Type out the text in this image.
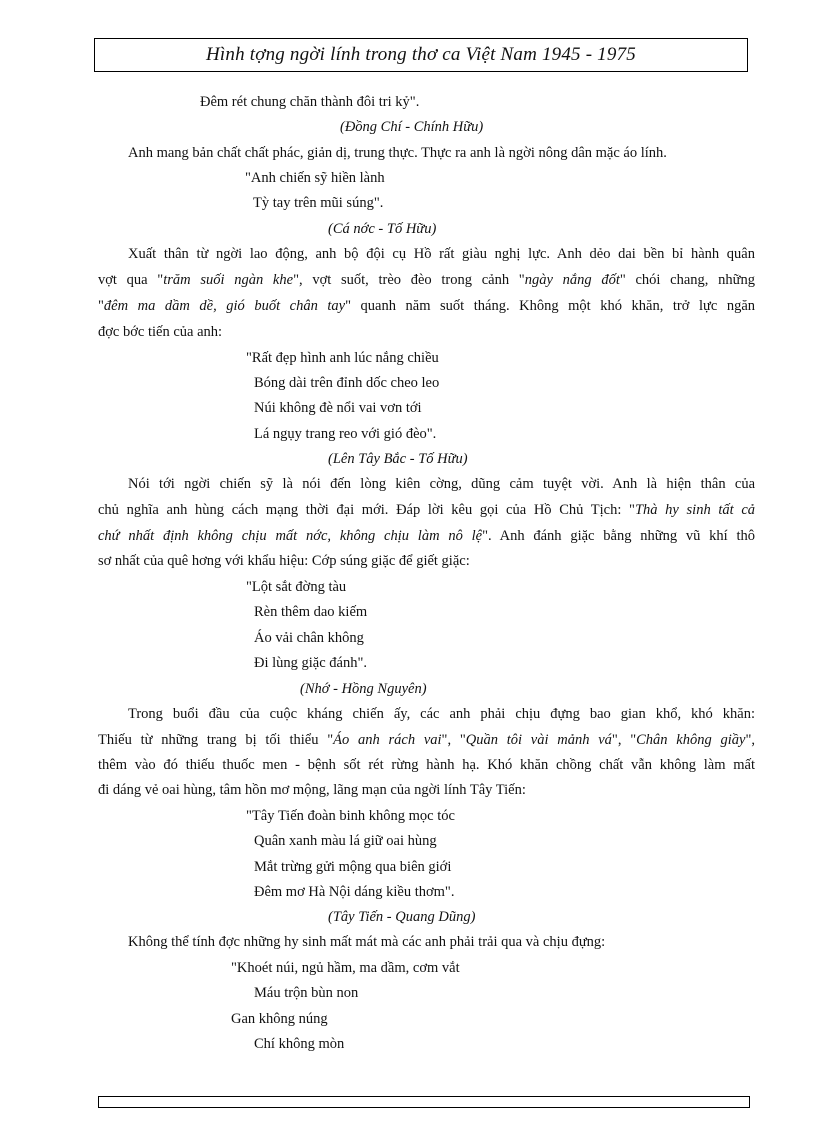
Hình tợng ngời lính trong thơ ca Việt Nam 1945 - 1975
Đêm rét chung chăn thành đôi tri kỷ".
(Đồng Chí - Chính Hữu)
Anh mang bản chất chất phác, giản dị, trung thực. Thực ra anh là ngời nông dân mặc áo lính.
"Anh chiến sỹ hiền lành
Tỳ tay trên mũi súng".
(Cá nớc - Tố Hữu)
Xuất thân từ ngời lao động, anh bộ đội cụ Hồ rất giàu nghị lực. Anh dẻo dai bền bỉ hành quân
vợt qua "trăm suối ngàn khe", vợt suốt, trèo đèo trong cảnh "ngày nắng đốt" chói chang, những
"đêm ma dầm dề, gió buốt chân tay" quanh năm suốt tháng. Không một khó khăn, trở lực ngăn
đợc bớc tiến của anh:
"Rất đẹp hình anh lúc nắng chiều
Bóng dài trên đỉnh dốc cheo leo
Núi không đè nổi vai vơn tới
Lá ngụy trang reo với gió đèo".
(Lên Tây Bắc - Tố Hữu)
Nói tới ngời chiến sỹ là nói đến lòng kiên cờng, dũng cảm tuyệt vời. Anh là hiện thân của
chủ nghĩa anh hùng cách mạng thời đại mới. Đáp lời kêu gọi của Hồ Chủ Tịch: "Thà hy sinh tất cả
chứ nhất định không chịu mất nớc, không chịu làm nô lệ". Anh đánh giặc bằng những vũ khí thô
sơ nhất của quê hơng với khẩu hiệu: Cớp súng giặc để giết giặc:
"Lột sắt đờng tàu
Rèn thêm dao kiếm
Áo vải chân không
Đi lùng giặc đánh".
(Nhớ - Hồng Nguyên)
Trong buổi đầu của cuộc kháng chiến ấy, các anh phải chịu đựng bao gian khổ, khó khăn:
Thiếu từ những trang bị tối thiểu "Áo anh rách vai", "Quần tôi vài mảnh vá", "Chân không giầy",
thêm vào đó thiếu thuốc men - bệnh sốt rét rừng hành hạ. Khó khăn chồng chất vẫn không làm mất
đi dáng vẻ oai hùng, tâm hồn mơ mộng, lãng mạn của ngời lính Tây Tiến:
"Tây Tiến đoàn binh không mọc tóc
Quân xanh màu lá giữ oai hùng
Mắt trừng gửi mộng qua biên giới
Đêm mơ Hà Nội dáng kiều thơm".
(Tây Tiến - Quang Dũng)
Không thể tính đợc những hy sinh mất mát mà các anh phải trải qua và chịu đựng:
"Khoét núi, ngủ hầm, ma dầm, cơm vắt
Máu trộn bùn non
Gan không núng
Chí không mòn
